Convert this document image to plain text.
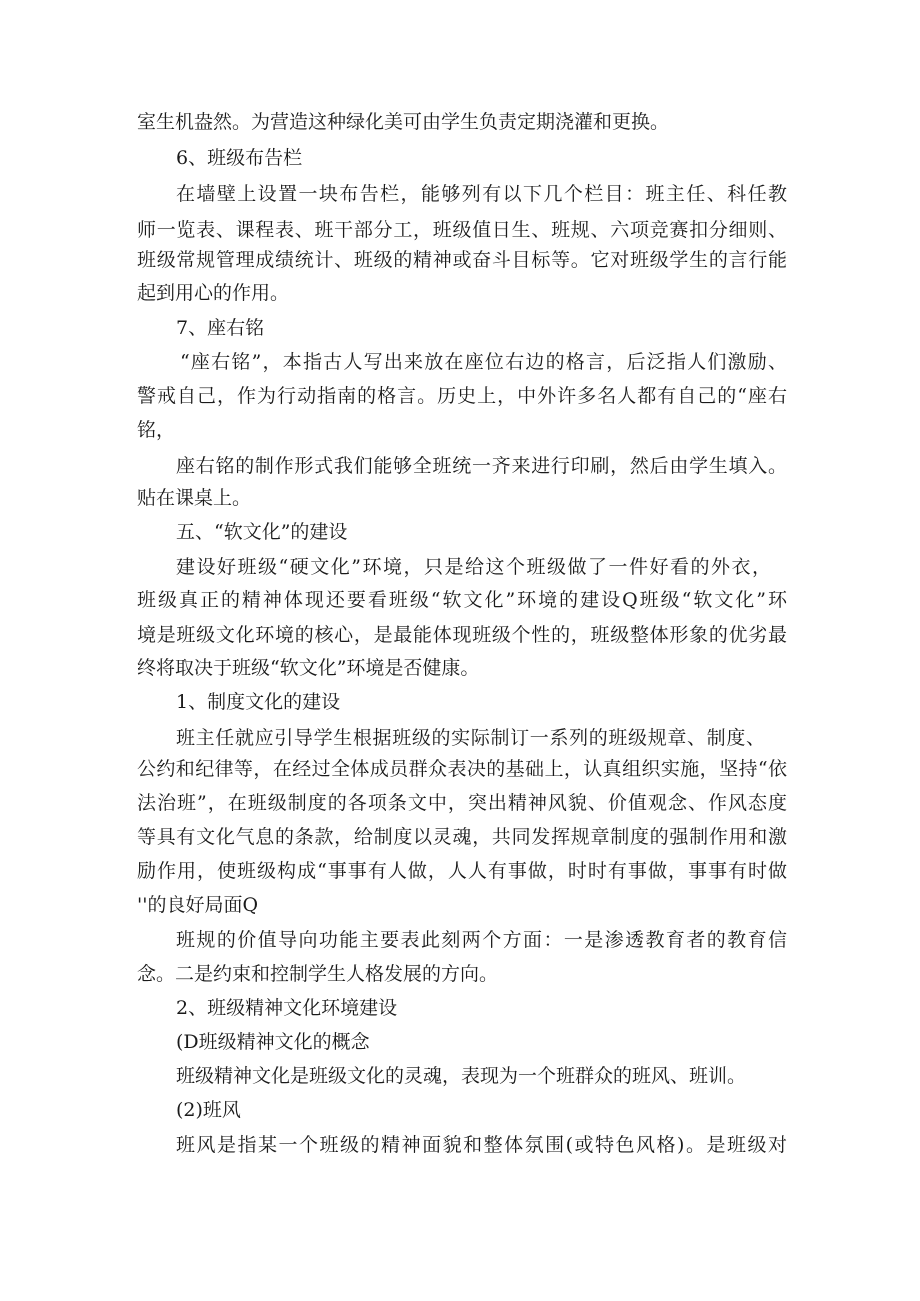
室生机盎然。为营造这种绿化美可由学生负责定期浇灌和更换。
6、班级布告栏
在墙壁上设置一块布告栏，能够列有以下几个栏目：班主任、科任教
师一览表、课程表、班干部分工，班级值日生、班规、六项竞赛扣分细则、
班级常规管理成绩统计、班级的精神或奋斗目标等。它对班级学生的言行能
起到用心的作用。
7、座右铭
“座右铭”，本指古人写出来放在座位右边的格言，后泛指人们激励、
警戒自己，作为行动指南的格言。历史上，中外许多名人都有自己的“座右
铭，
座右铭的制作形式我们能够全班统一齐来进行印刷，然后由学生填入。
贴在课桌上。
五、“软文化”的建设
建设好班级“硬文化”环境，只是给这个班级做了一件好看的外衣，
班级真正的精神体现还要看班级“软文化”环境的建设Q班级“软文化”环
境是班级文化环境的核心，是最能体现班级个性的，班级整体形象的优劣最
终将取决于班级“软文化”环境是否健康。
1、制度文化的建设
班主任就应引导学生根据班级的实际制订一系列的班级规章、制度、
公约和纪律等，在经过全体成员群众表决的基础上，认真组织实施，坚持“依
法治班”，在班级制度的各项条文中，突出精神风貌、价值观念、作风态度
等具有文化气息的条款，给制度以灵魂，共同发挥规章制度的强制作用和激
励作用，使班级构成“事事有人做，人人有事做，时时有事做，事事有时做
''的良好局面Q
班规的价值导向功能主要表此刻两个方面：一是渗透教育者的教育信
念。二是约束和控制学生人格发展的方向。
2、班级精神文化环境建设
(D班级精神文化的概念
班级精神文化是班级文化的灵魂，表现为一个班群众的班风、班训。
(2)班风
班风是指某一个班级的精神面貌和整体氛围(或特色风格)。是班级对
